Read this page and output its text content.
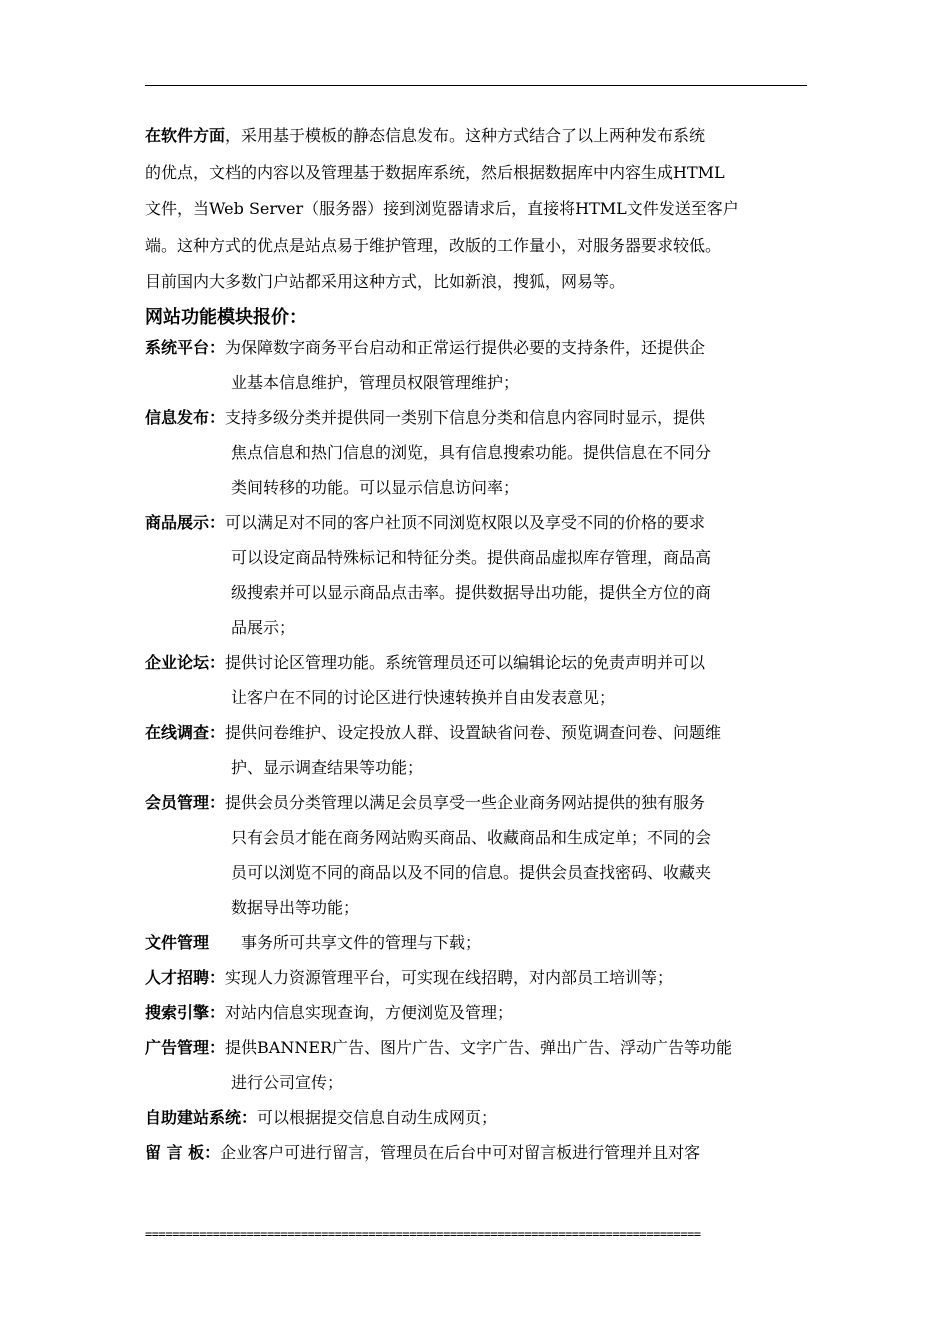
在软件方面，采用基于模板的静态信息发布。这种方式结合了以上两种发布系统
的优点，文档的内容以及管理基于数据库系统，然后根据数据库中内容生成HTML
文件，当Web Server（服务器）接到浏览器请求后，直接将HTML文件发送至客户
端。这种方式的优点是站点易于维护管理，改版的工作量小，对服务器要求较低。
目前国内大多数门户站都采用这种方式，比如新浪，搜狐，网易等。
网站功能模块报价：
系统平台： 为保障数字商务平台启动和正常运行提供必要的支持条件，还提供企
业基本信息维护，管理员权限管理维护；
信息发布： 支持多级分类并提供同一类别下信息分类和信息内容同时显示，提供
焦点信息和热门信息的浏览，具有信息搜索功能。提供信息在不同分
类间转移的功能。可以显示信息访问率；
商品展示： 可以满足对不同的客户社顶不同浏览权限以及享受不同的价格的要求
可以设定商品特殊标记和特征分类。提供商品虚拟库存管理，商品高
级搜索并可以显示商品点击率。提供数据导出功能，提供全方位的商
品展示；
企业论坛： 提供讨论区管理功能。系统管理员还可以编辑论坛的免责声明并可以
让客户在不同的讨论区进行快速转换并自由发表意见；
在线调查： 提供问卷维护、设定投放人群、设置缺省问卷、预览调查问卷、问题维
护、显示调查结果等功能；
会员管理： 提供会员分类管理以满足会员享受一些企业商务网站提供的独有服务
只有会员才能在商务网站购买商品、收藏商品和生成定单；不同的会
员可以浏览不同的商品以及不同的信息。提供会员查找密码、收藏夹
数据导出等功能；
文件管理 　　事务所可共享文件的管理与下载；
人才招聘： 实现人力资源管理平台，可实现在线招聘，对内部员工培训等；
搜索引擎： 对站内信息实现查询，方便浏览及管理；
广告管理： 提供BANNER广告、图片广告、文字广告、弹出广告、浮动广告等功能
进行公司宣传；
自助建站系统： 可以根据提交信息自动生成网页；
留 言 板： 企业客户可进行留言，管理员在后台中可对留言板进行管理并且对客
==================================================================================
